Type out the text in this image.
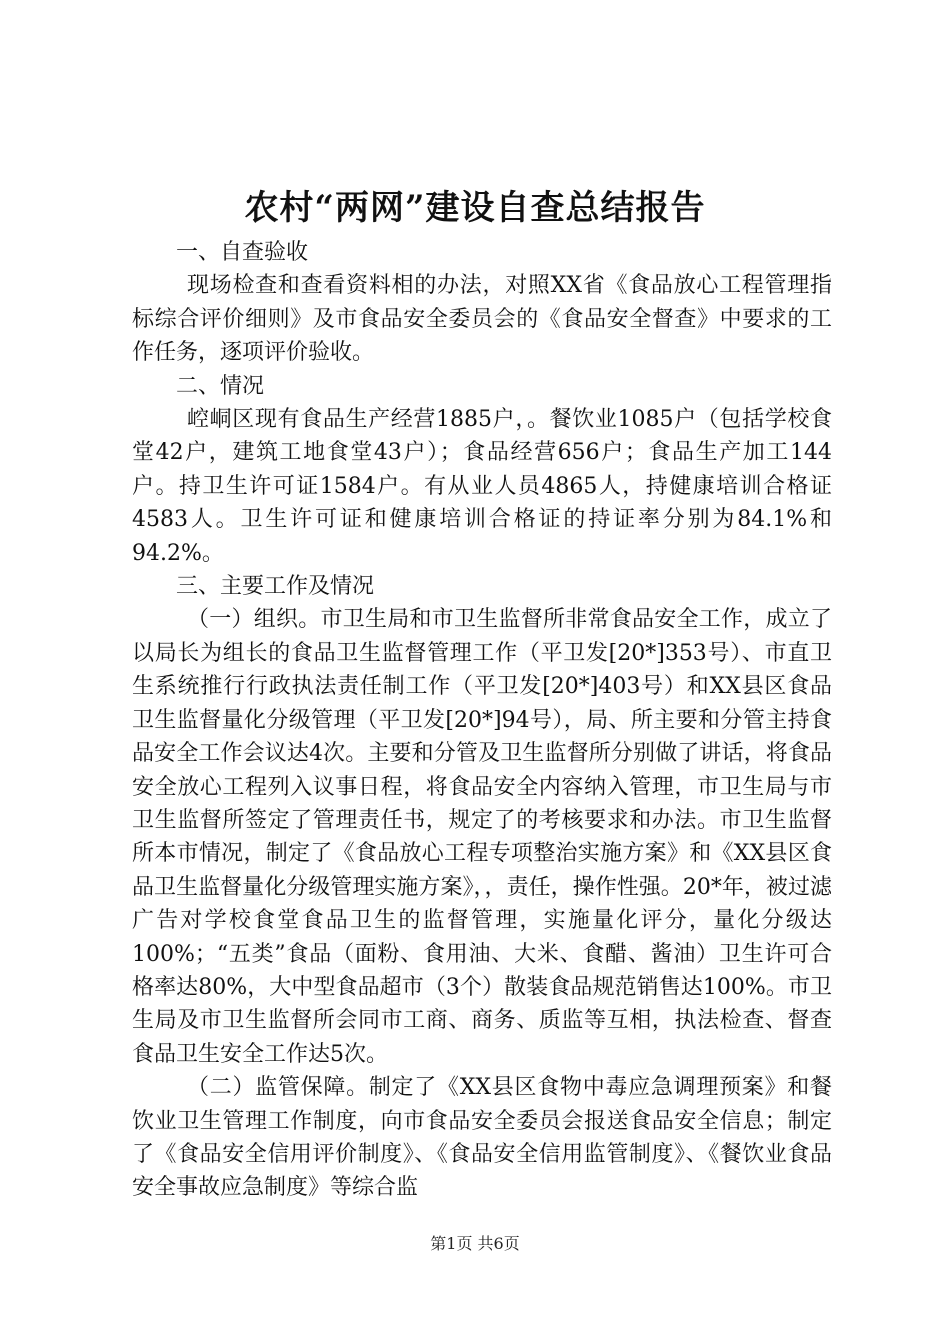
农村“两网”建设自查总结报告

一、自查验收

现场检查和查看资料相的办法，对照XX省《食品放心工程管理指标综合评价细则》及市食品安全委员会的《食品安全督查》中要求的工作任务，逐项评价验收。

二、情况

崆峒区现有食品生产经营1885户，。餐饮业1085户（包括学校食堂42户，建筑工地食堂43户）；食品经营656户；食品生产加工144户。持卫生许可证1584户。有从业人员4865人，持健康培训合格证4583人。卫生许可证和健康培训合格证的持证率分别为84.1%和94.2%。

三、主要工作及情况

（一）组织。市卫生局和市卫生监督所非常食品安全工作，成立了以局长为组长的食品卫生监督管理工作（平卫发[20*]353号）、市直卫生系统推行行政执法责任制工作（平卫发[20*]403号）和XX县区食品卫生监督量化分级管理（平卫发[20*]94号），局、所主要和分管主持食品安全工作会议达4次。主要和分管及卫生监督所分别做了讲话，将食品安全放心工程列入议事日程，将食品安全内容纳入管理，市卫生局与市卫生监督所签定了管理责任书，规定了的考核要求和办法。市卫生监督所本市情况，制定了《食品放心工程专项整治实施方案》和《XX县区食品卫生监督量化分级管理实施方案》，，责任，操作性强。20*年，被过滤广告对学校食堂食品卫生的监督管理，实施量化评分，量化分级达100%；“五类”食品（面粉、食用油、大米、食醋、酱油）卫生许可合格率达80%，大中型食品超市（3个）散装食品规范销售达100%。市卫生局及市卫生监督所会同市工商、商务、质监等互相，执法检查、督查食品卫生安全工作达5次。

（二）监管保障。制定了《XX县区食物中毒应急调理预案》和餐饮业卫生管理工作制度，向市食品安全委员会报送食品安全信息；制定了《食品安全信用评价制度》、《食品安全信用监管制度》、《餐饮业食品安全事故应急制度》等综合监

第1页 共6页
